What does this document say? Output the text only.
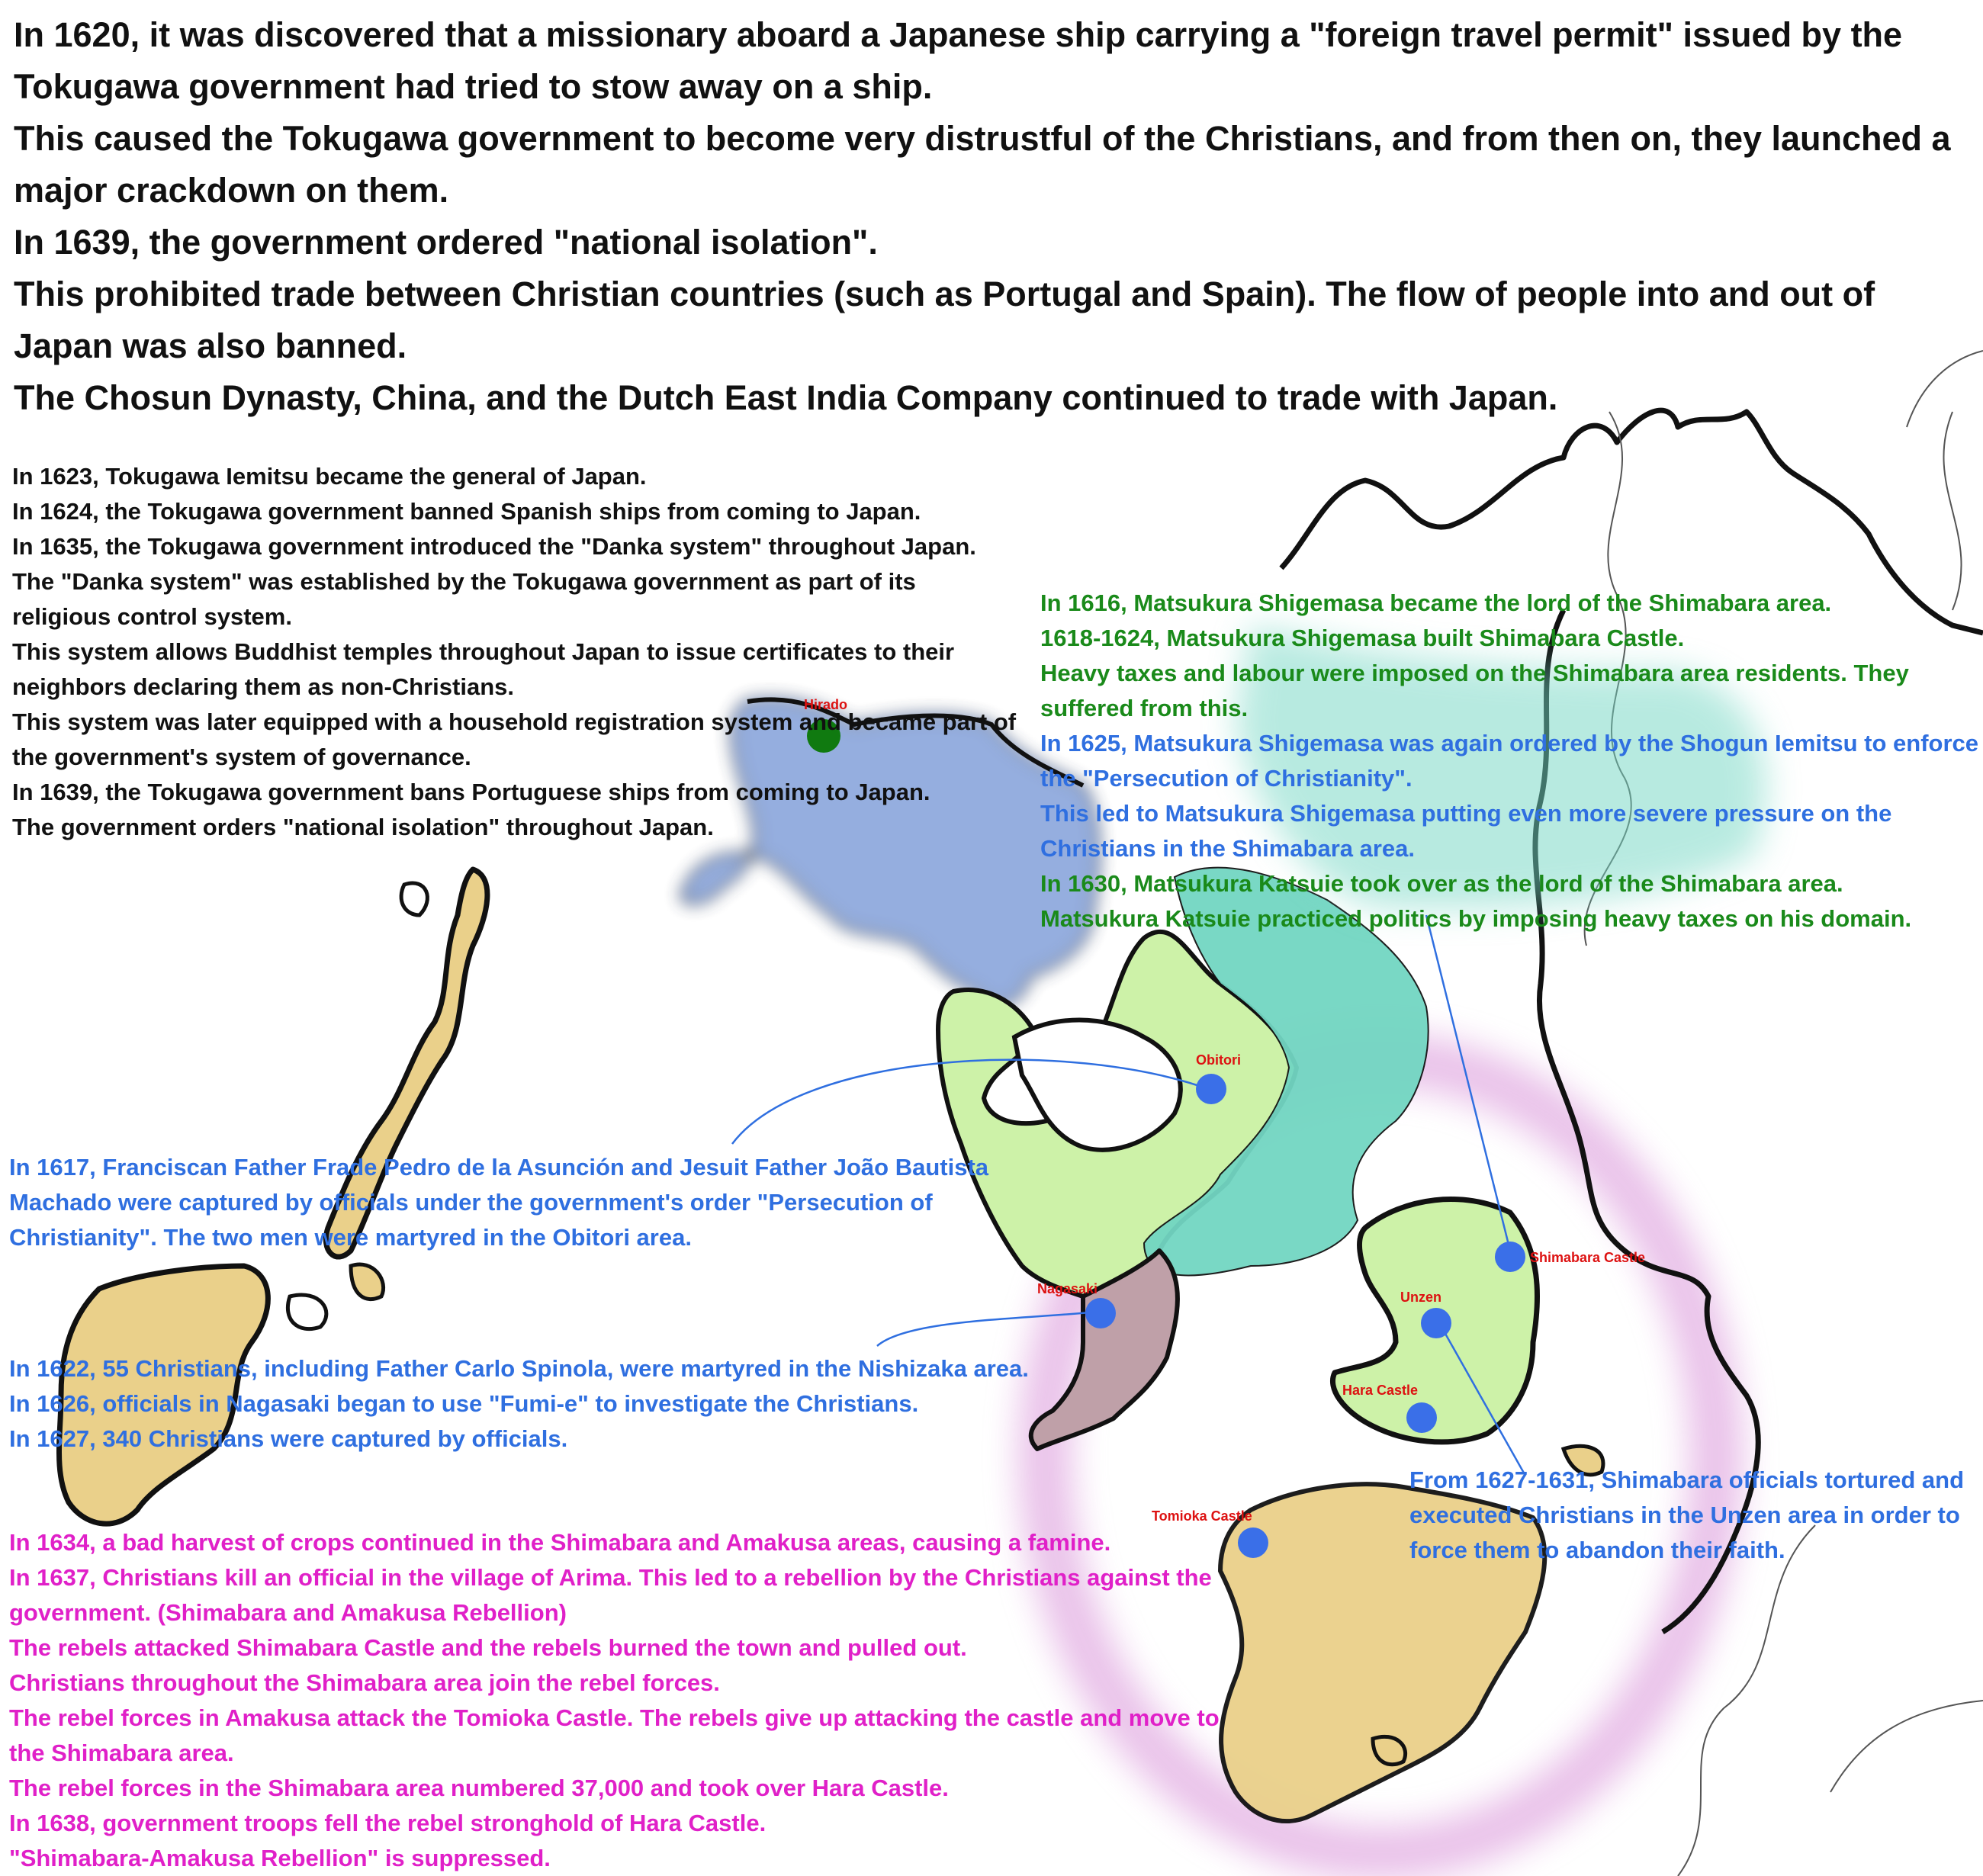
Hirado

Obitori

Nagasaki

Shimabara Castle

Unzen

Hara Castle

Tomioka Castle

In 1620, it was discovered that a missionary aboard a Japanese ship carrying a "foreign travel permit" issued by the Tokugawa government had tried to stow away on a ship.

This caused the Tokugawa government to become very distrustful of the Christians, and from then on, they launched a major crackdown on them.

In 1639, the government ordered "national isolation".

This prohibited trade between Christian countries (such as Portugal and Spain). The flow of people into and out of Japan was also banned.

The Chosun Dynasty, China, and the Dutch East India Company continued to trade with Japan.

In 1623, Tokugawa Iemitsu became the general of Japan.

In 1624, the Tokugawa government banned Spanish ships from coming to Japan.

In 1635, the Tokugawa government introduced the "Danka system" throughout Japan.

The "Danka system" was established by the Tokugawa government as part of its religious control system.

This system allows Buddhist temples throughout Japan to issue certificates to their neighbors declaring them as non-Christians.

This system was later equipped with a household registration system and became part of the government's system of governance.

In 1639, the Tokugawa government bans Portuguese ships from coming to Japan.

The government orders "national isolation" throughout Japan.

In 1616, Matsukura Shigemasa became the lord of the Shimabara area.

1618-1624, Matsukura Shigemasa built Shimabara Castle.

Heavy taxes and labour were imposed on the Shimabara area residents. They suffered from this.

In 1625, Matsukura Shigemasa was again ordered by the Shogun Iemitsu to enforce the "Persecution of Christianity".

This led to Matsukura Shigemasa putting even more severe pressure on the Christians in the Shimabara area.

In 1630, Matsukura Katsuie took over as the lord of the Shimabara area.

Matsukura Katsuie practiced politics by imposing heavy taxes on his domain.

In 1617, Franciscan Father Frade Pedro de la Asunción and Jesuit Father João Bautista Machado were captured by officials under the government's order "Persecution of Christianity". The two men were martyred in the Obitori area.

In 1622, 55 Christians, including Father Carlo Spinola, were martyred in the Nishizaka area.

In 1626, officials in Nagasaki began to use "Fumi-e" to investigate the Christians.

In 1627, 340 Christians were captured by officials.

From 1627-1631, Shimabara officials tortured and executed Christians in the Unzen area in order to force them to abandon their faith.

In 1634, a bad harvest of crops continued in the Shimabara and Amakusa areas, causing a famine.

In 1637, Christians kill an official in the village of Arima. This led to a rebellion by the Christians against the government. (Shimabara and Amakusa Rebellion)

The rebels attacked Shimabara Castle and the rebels burned the town and pulled out.

Christians throughout the Shimabara area join the rebel forces.

The rebel forces in Amakusa attack the Tomioka Castle. The rebels give up attacking the castle and move to the Shimabara area.

The rebel forces in the Shimabara area numbered 37,000 and took over Hara Castle.

In 1638, government troops fell the rebel stronghold of Hara Castle.

"Shimabara-Amakusa Rebellion" is suppressed.
